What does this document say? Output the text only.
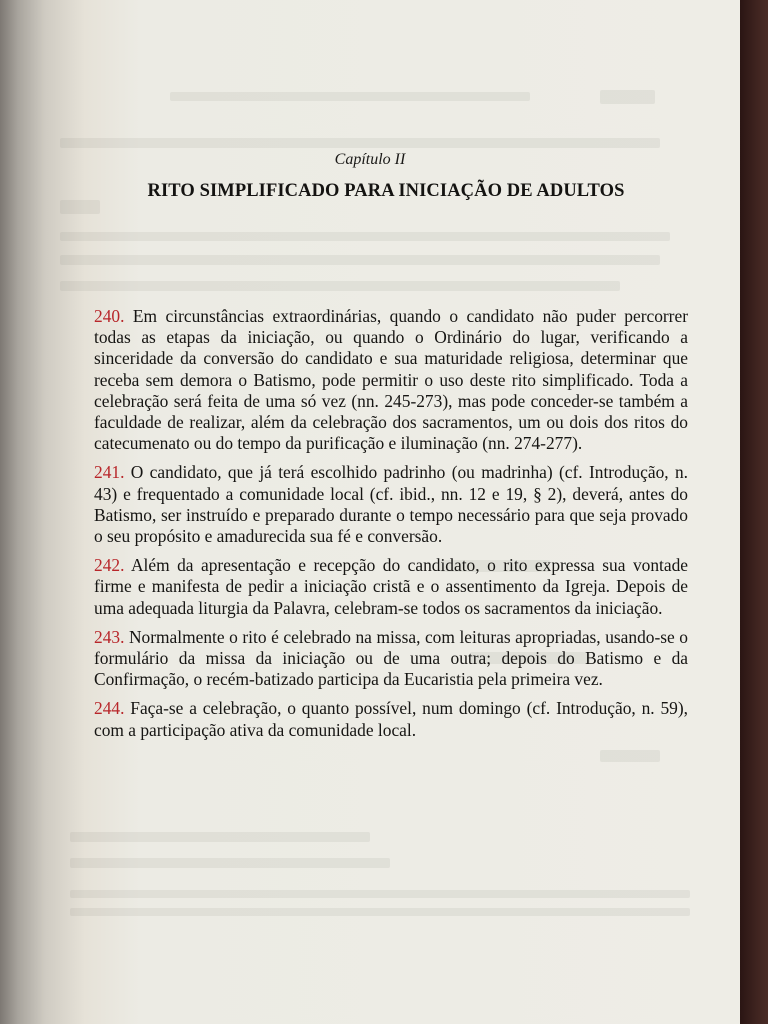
Capítulo II
RITO SIMPLIFICADO PARA INICIAÇÃO DE ADULTOS

240. Em circunstâncias extraordinárias, quando o candidato não puder percorrer todas as etapas da iniciação, ou quando o Ordinário do lugar, verificando a sinceridade da conversão do candidato e sua maturidade religiosa, determinar que receba sem demora o Batismo, pode permitir o uso deste rito simplificado. Toda a celebração será feita de uma só vez (nn. 245-273), mas pode conceder-se também a faculdade de realizar, além da celebração dos sacramentos, um ou dois dos ritos do catecumenato ou do tempo da purificação e iluminação (nn. 274-277).

241. O candidato, que já terá escolhido padrinho (ou madrinha) (cf. Introdução, n. 43) e frequentado a comunidade local (cf. ibid., nn. 12 e 19, § 2), deverá, antes do Batismo, ser instruído e preparado durante o tempo necessário para que seja provado o seu propósito e amadurecida sua fé e conversão.

242. Além da apresentação e recepção do candidato, o rito expressa sua vontade firme e manifesta de pedir a iniciação cristã e o assentimento da Igreja. Depois de uma adequada liturgia da Palavra, celebram-se todos os sacramentos da iniciação.

243. Normalmente o rito é celebrado na missa, com leituras apropriadas, usando-se o formulário da missa da iniciação ou de uma outra; depois do Batismo e da Confirmação, o recém-batizado participa da Eucaristia pela primeira vez.

244. Faça-se a celebração, o quanto possível, num domingo (cf. Introdução, n. 59), com a participação ativa da comunidade local.
